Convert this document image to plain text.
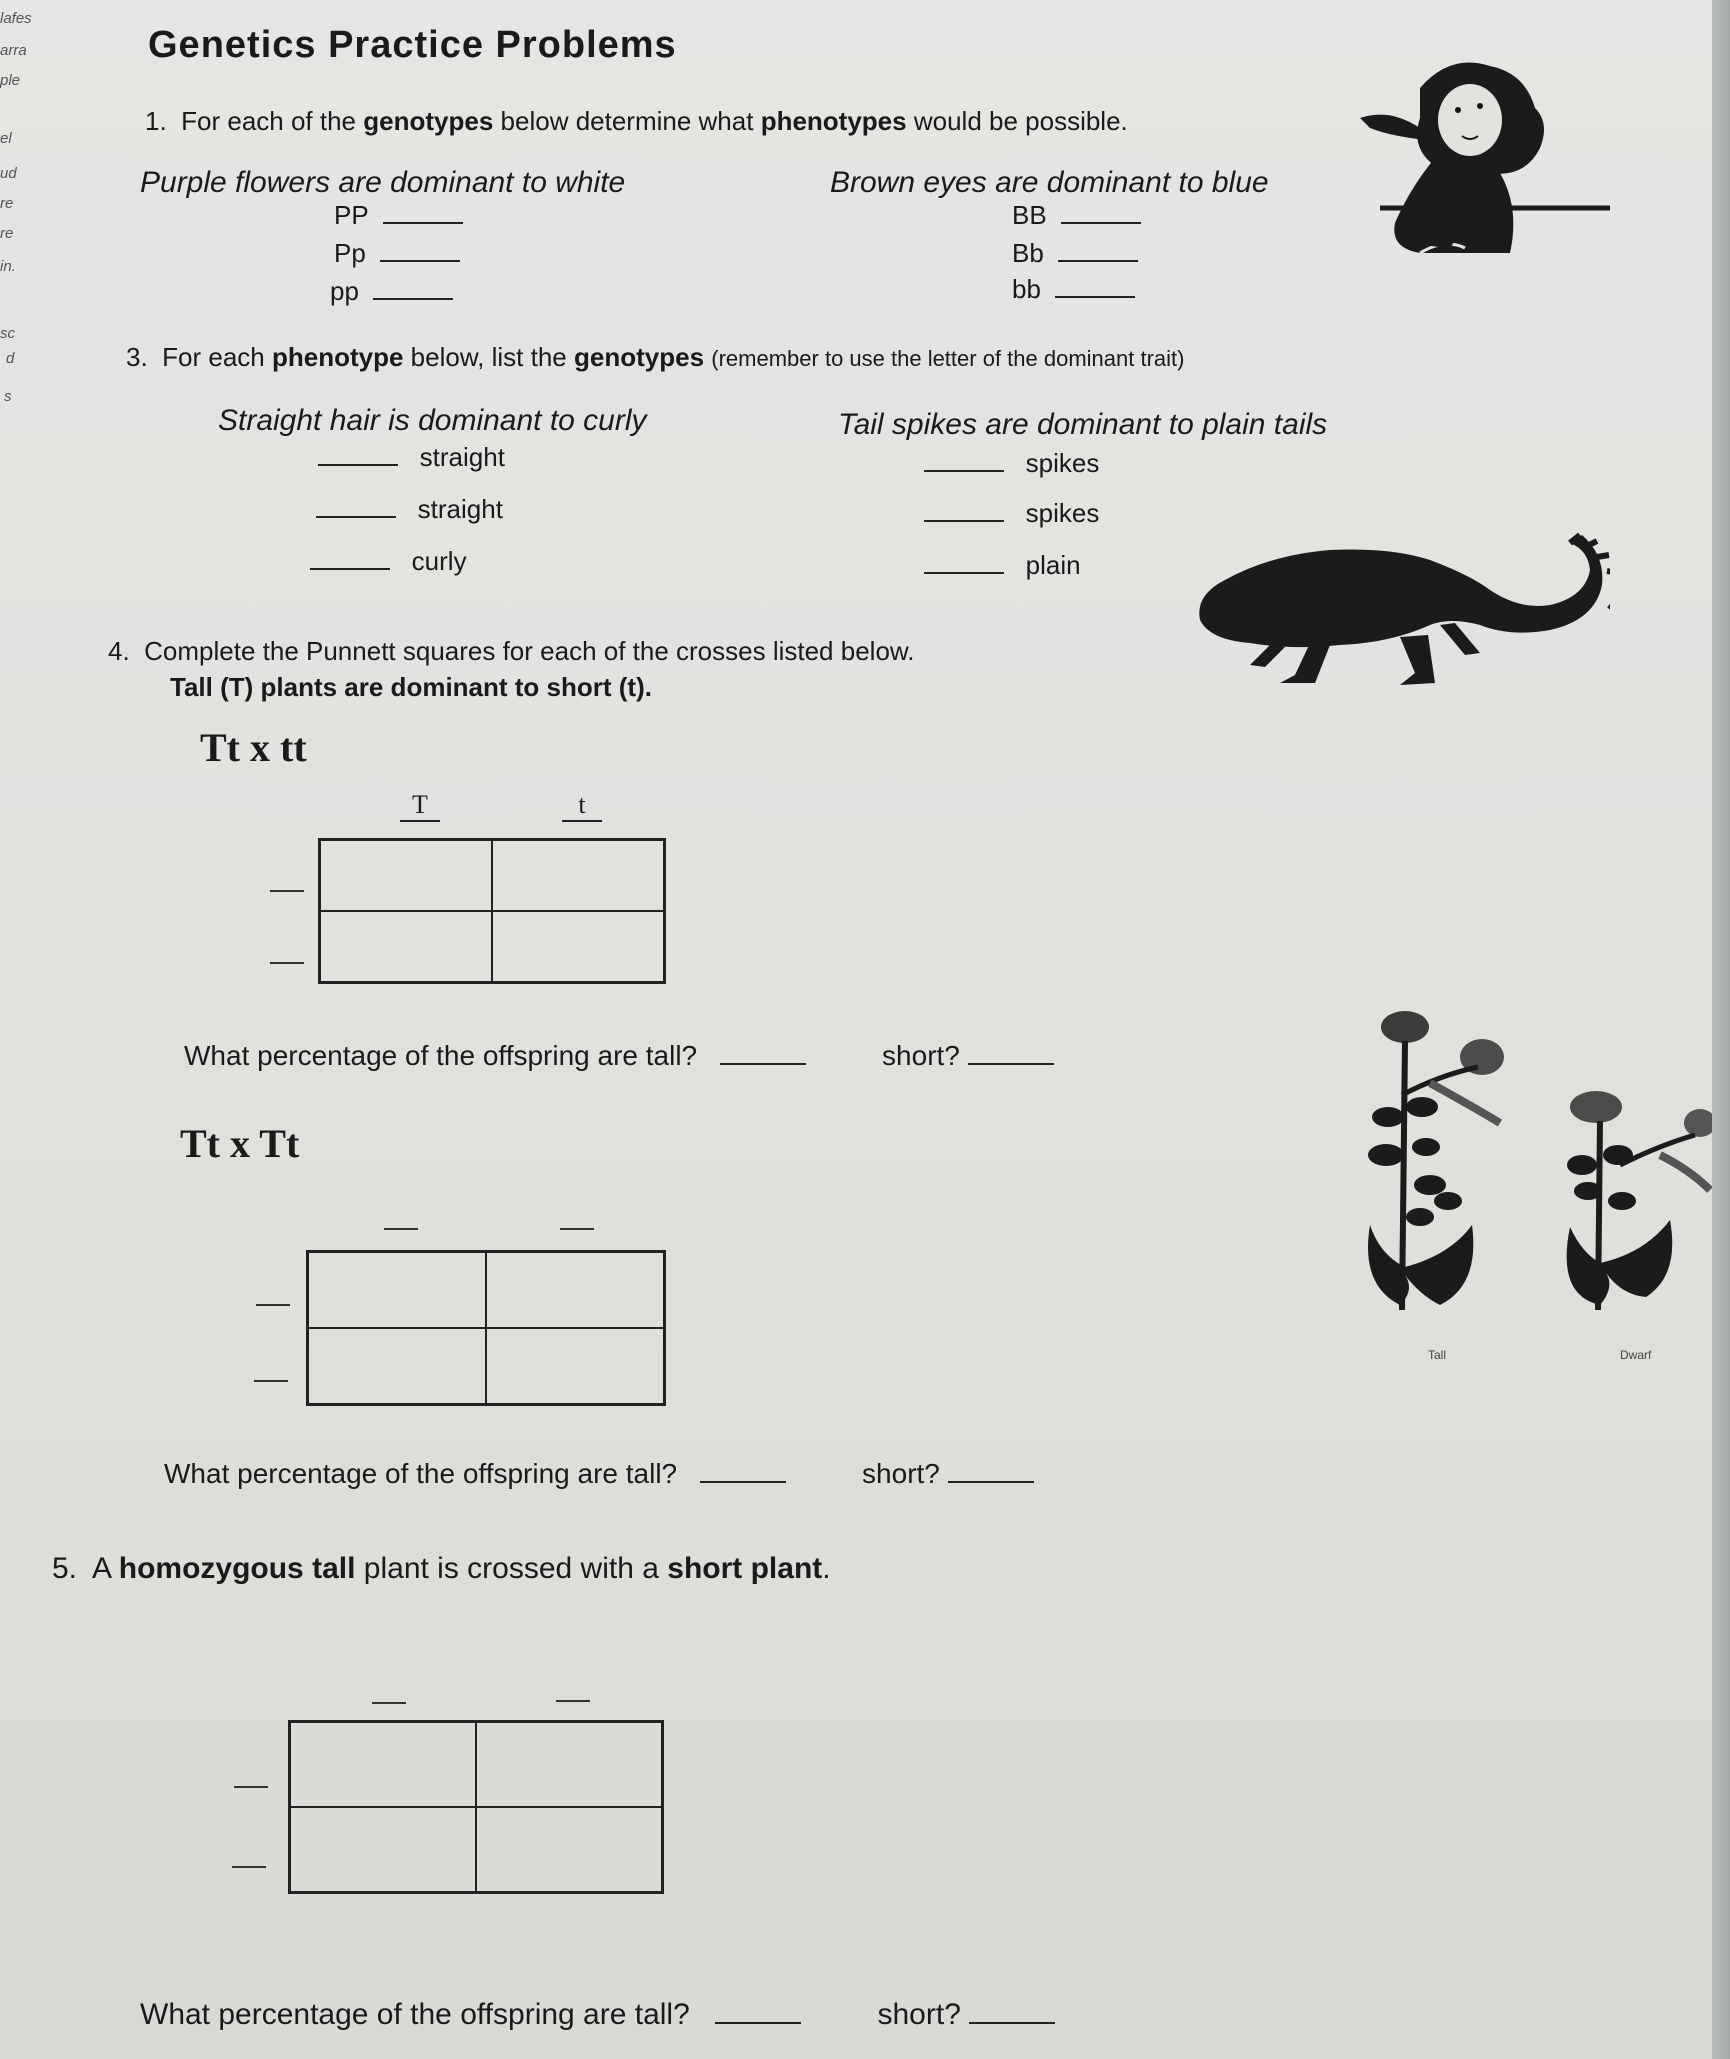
lafes
arra
ple
el
ud
re
re
in.
sc
d
s
Genetics Practice Problems
1. For each of the genotypes below determine what phenotypes would be possible.
Purple flowers are dominant to white	Brown eyes are dominant to blue
PP
Pp
pp
BB
Bb
bb
3. For each phenotype below, list the genotypes (remember to use the letter of the dominant trait)
Straight hair is dominant to curly	Tail spikes are dominant to plain tails
straight
straight
curly
spikes
spikes
plain
4. Complete the Punnett squares for each of the crosses listed below.
Tall (T) plants are dominant to short (t).
Tt x tt
T	t
What percentage of the offspring are tall?	short?
Tt x Tt
What percentage of the offspring are tall?	short?
Tall	Dwarf
5. A homozygous tall plant is crossed with a short plant.
What percentage of the offspring are tall?	short?
